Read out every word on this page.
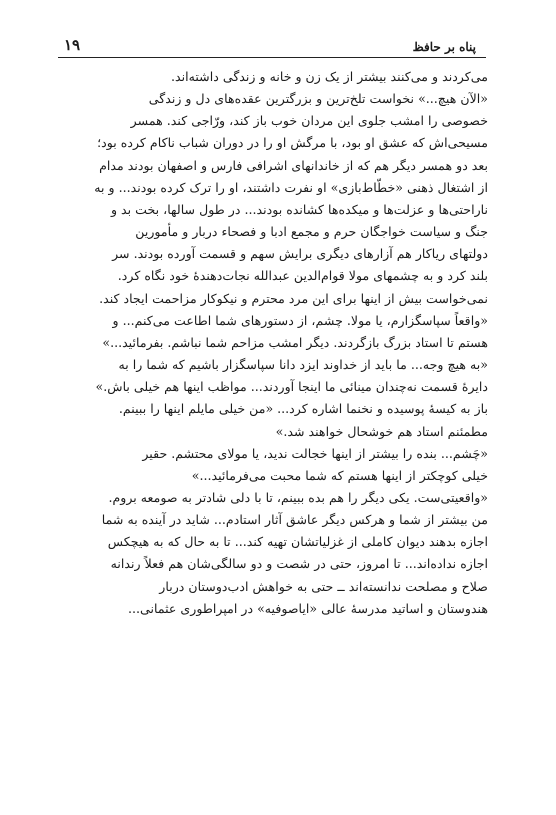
۱۹	پناه بر حافظ

می‌کردند و می‌کنند بیشتر از یک زن و خانه و زندگی داشته‌اند.

«الآن هیچ...» نخواست تلخ‌ترین و بزرگترین عقده‌های دل و زندگی

خصوصی را امشب جلوی این مردان خوب باز کند، ورّاجی کند. همسر

مسیحی‌اش که عشق او بود، با مرگش او را در دوران شباب ناکام کرده بود؛

بعد دو همسر دیگر هم که از خاندانهای اشرافی فارس و اصفهان بودند مدام

از اشتغال ذهنی «خطّاط‌بازی» او نفرت داشتند، او را ترک کرده بودند... و به

ناراحتی‌ها و عزلت‌ها و میکده‌ها کشانده بودند... در طول سالها، بخت بد و

جنگ و سیاست خواجگان حرم و مجمع ادبا و فصحاء دربار و مأمورین

دولتهای ریاکار هم آزارهای دیگری برایش سهم و قسمت آورده بودند. سر

بلند کرد و به چشمهای مولا قوام‌الدین عبدالله نجات‌دهندهٔ خود نگاه کرد.

نمی‌خواست بیش از اینها برای این مرد محترم و نیکوکار مزاحمت ایجاد کند.

«واقعاً سپاسگزارم، یا مولا. چشم، از دستورهای شما اطاعت می‌کنم... و

هستم تا استاد بزرگ بازگردند. دیگر امشب مزاحم شما نباشم. بفرمائید...»

«به هیچ وجه... ما باید از خداوند ایزد دانا سپاسگزار باشیم که شما را به

دایرهٔ قسمت نه‌چندان مینائی ما اینجا آوردند... مواظب اینها هم خیلی باش.»

باز به کیسهٔ پوسیده و نخنما اشاره کرد... «من خیلی مایلم اینها را ببینم.

مطمئنم استاد هم خوشحال خواهند شد.»

«چَشم... بنده را بیشتر از اینها خجالت ندید، یا مولای محتشم. حقیر

خیلی کوچکتر از اینها هستم که شما محبت می‌فرمائید...»

«واقعیتی‌ست. یکی دیگر را هم بده ببینم، تا با دلی شادتر به صومعه بروم.

من بیشتر از شما و هرکس دیگر عاشق آثار استادم... شاید در آینده به شما

اجازه بدهند دیوان کاملی از غزلیاتشان تهیه کند... تا به حال که به هیچکس

اجازه نداده‌اند... تا امروز، حتی در شصت و دو سالگی‌شان هم فعلاً رندانه

صلاح و مصلحت ندانسته‌اند ــ حتی به خواهش ادب‌دوستان دربار

هندوستان و اساتید مدرسهٔ عالی «ایاصوفیه» در امپراطوری عثمانی...
